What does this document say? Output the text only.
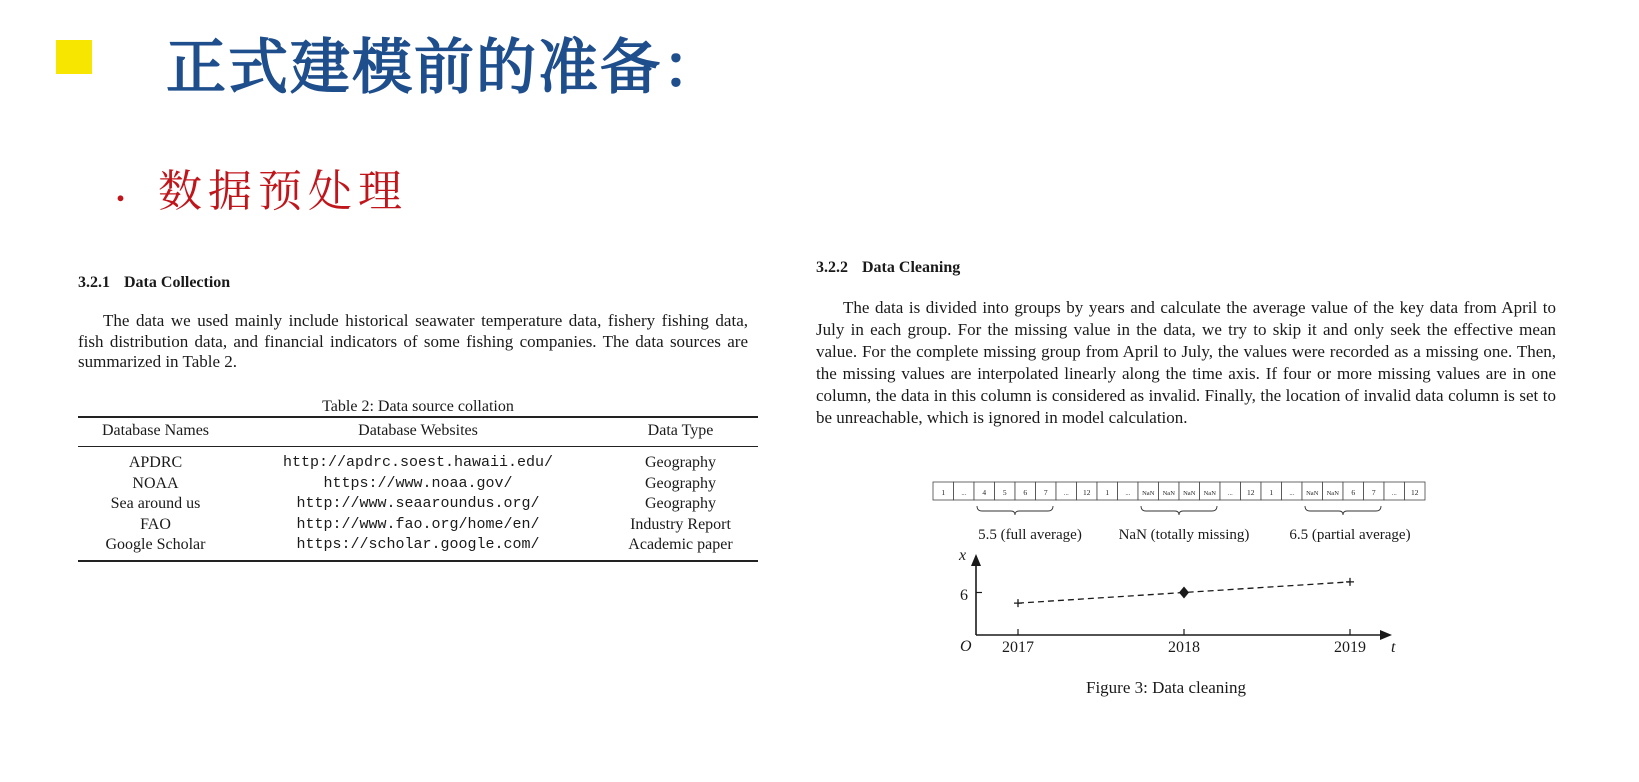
正式建模前的准备：
. 数据预处理
3.2.1 Data Collection
The data we used mainly include historical seawater temperature data, fishery fishing data, fish distribution data, and financial indicators of some fishing companies. The data sources are summarized in Table 2.
Table 2: Data source collation
Database Names	Database Websites	Data Type
APDRC	http://apdrc.soest.hawaii.edu/	Geography
NOAA	https://www.noaa.gov/	Geography
Sea around us	http://www.seaaroundus.org/	Geography
FAO	http://www.fao.org/home/en/	Industry Report
Google Scholar	https://scholar.google.com/	Academic paper
3.2.2 Data Cleaning
The data is divided into groups by years and calculate the average value of the key data from April to July in each group. For the missing value in the data, we try to skip it and only seek the effective mean value. For the complete missing group from April to July, the values were recorded as a missing one. Then, the missing values are interpolated linearly along the time axis. If four or more missing values are in one column, the data in this column is considered as invalid. Finally, the location of invalid data column is set to be unreachable, which is ignored in model calculation.
1 ... 4 5 6 7 ... 12 1 ... NaN NaN NaN NaN ... 12 1 ... NaN NaN 6 7 ... 12
5.5 (full average) NaN (totally missing)	6.5 (partial average)
x
t
O
6
2017	2018	2019
Figure 3: Data cleaning
